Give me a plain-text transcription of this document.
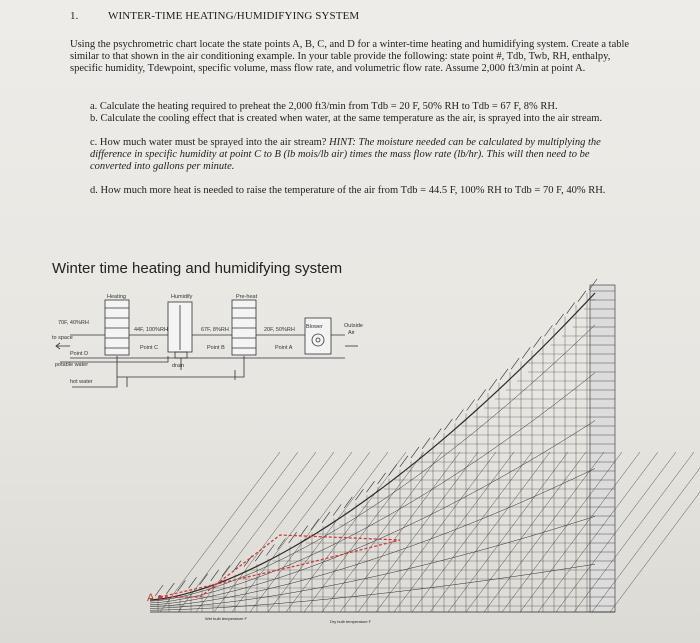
1.	WINTER-TIME HEATING/HUMIDIFYING SYSTEM
Using the psychrometric chart locate the state points A, B, C, and D for a winter-time heating and humidifying system. Create a table similar to that shown in the air conditioning example. In your table provide the following: state point #, Tdb, Twb, RH, enthalpy, specific humidity, Tdewpoint, specific volume, mass flow rate, and volumetric flow rate. Assume 2,000 ft3/min at point A.
a. Calculate the heating required to preheat the 2,000 ft3/min from Tdb = 20 F, 50% RH to Tdb = 67 F, 8% RH.
b. Calculate the cooling effect that is created when water, at the same temperature as the air, is sprayed into the air stream.
c. How much water must be sprayed into the air stream? HINT: The moisture needed can be calculated by multiplying the difference in specific humidity at point C to B (lb mois/lb air) times the mass flow rate (lb/hr). This will then need to be converted into gallons per minute.
d. How much more heat is needed to raise the temperature of the air from Tdb = 44.5 F, 100% RH to Tdb = 70 F, 40% RH.
Winter time heating and humidifying system
Heating	Humidify	Pre-heat
Blower	Outside
Air
70F, 40%RH
to space
Point D
44F, 100%RH
Point C
67F, 8%RH
Point B
20F, 50%RH
Point A
drain
potable water
hot water
A
Dry bulb temperature F
Wet bulb temperature F
